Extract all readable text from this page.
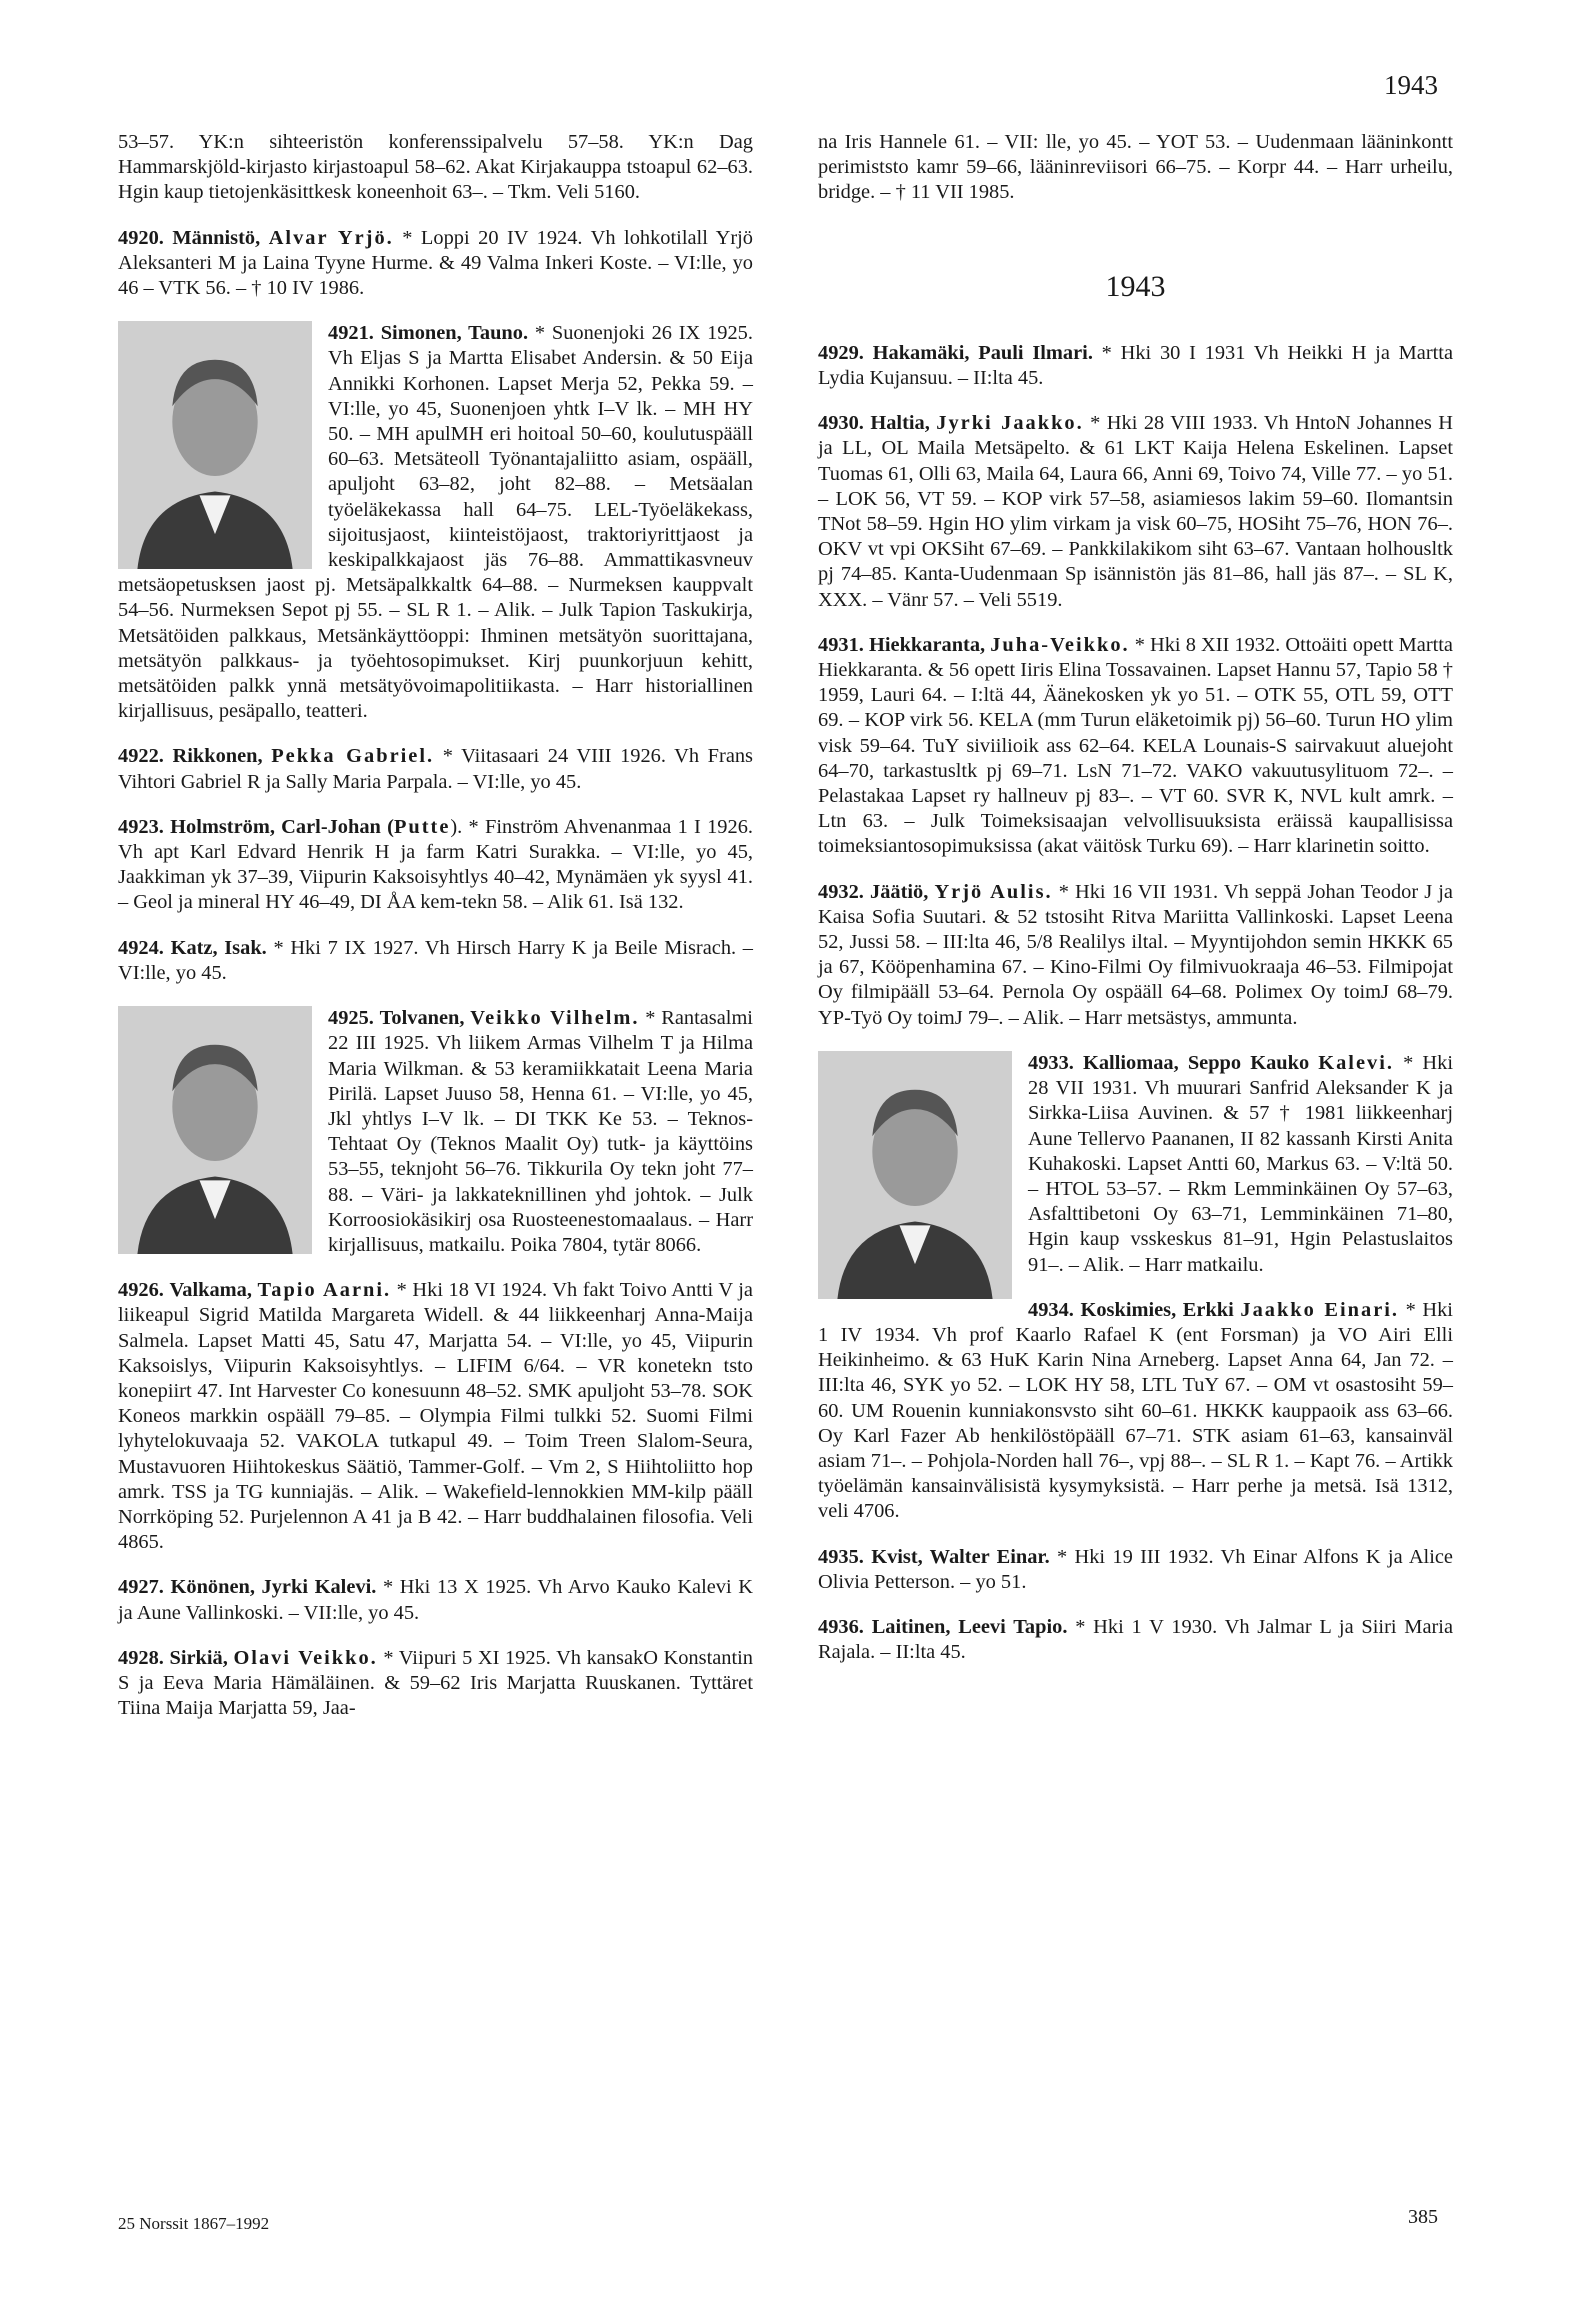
1943

53–57. YK:n sihteeristön konferenssipalvelu 57–58. YK:n Dag Hammarskjöld-kirjasto kirjastoapul 58–62. Akat Kirjakauppa tstoapul 62–63. Hgin kaup tietojenkäsittkesk koneenhoit 63–. – Tkm. Veli 5160.

4920. Männistö, Alvar Yrjö. * Loppi 20 IV 1924. Vh lohkotilall Yrjö Aleksanteri M ja Laina Tyyne Hurme. & 49 Valma Inkeri Koste. – VI:lle, yo 46 – VTK 56. – † 10 IV 1986.

4921. Simonen, Tauno. * Suonenjoki 26 IX 1925. Vh Eljas S ja Martta Elisabet Andersin. & 50 Eija Annikki Korhonen. Lapset Merja 52, Pekka 59. – VI:lle, yo 45, Suonenjoen yhtk I–V lk. – MH HY 50. – MH apulMH eri hoitoal 50–60, koulutuspääll 60–63. Metsäteoll Työnantajaliitto asiam, ospääll, apuljoht 63–82, joht 82–88. – Metsäalan työeläkekassa hall 64–75. LEL-Työeläkekass, sijoitusjaost, kiinteistöjaost, traktoriyrittjaost ja keskipalkkajaost jäs 76–88. Ammattikasvneuv metsäopetusksen jaost pj. Metsäpalkkaltk 64–88. – Nurmeksen kauppvalt 54–56. Nurmeksen Sepot pj 55. – SL R 1. – Alik. – Julk Tapion Taskukirja, Metsätöiden palkkaus, Metsänkäyttöoppi: Ihminen metsätyön suorittajana, metsätyön palkkaus- ja työehtosopimukset. Kirj puunkorjuun kehitt, metsätöiden palkk ynnä metsätyövoimapolitiikasta. – Harr historiallinen kirjallisuus, pesäpallo, teatteri.

4922. Rikkonen, Pekka Gabriel. * Viitasaari 24 VIII 1926. Vh Frans Vihtori Gabriel R ja Sally Maria Parpala. – VI:lle, yo 45.

4923. Holmström, Carl-Johan (Putte). * Finström Ahvenanmaa 1 I 1926. Vh apt Karl Edvard Henrik H ja farm Katri Surakka. – VI:lle, yo 45, Jaakkiman yk 37–39, Viipurin Kaksoisyhtlys 40–42, Mynämäen yk syysl 41. – Geol ja mineral HY 46–49, DI ÅA kem-tekn 58. – Alik 61. Isä 132.

4924. Katz, Isak. * Hki 7 IX 1927. Vh Hirsch Harry K ja Beile Misrach. – VI:lle, yo 45.

4925. Tolvanen, Veikko Vilhelm. * Rantasalmi 22 III 1925. Vh liikem Armas Vilhelm T ja Hilma Maria Wilkman. & 53 keramiikkatait Leena Maria Pirilä. Lapset Juuso 58, Henna 61. – VI:lle, yo 45, Jkl yhtlys I–V lk. – DI TKK Ke 53. – Teknos-Tehtaat Oy (Teknos Maalit Oy) tutk- ja käyttöins 53–55, teknjoht 56–76. Tikkurila Oy tekn joht 77–88. – Väri- ja lakkateknillinen yhd johtok. – Julk Korroosiokäsikirj osa Ruosteenestomaalaus. – Harr kirjallisuus, matkailu. Poika 7804, tytär 8066.

4926. Valkama, Tapio Aarni. * Hki 18 VI 1924. Vh fakt Toivo Antti V ja liikeapul Sigrid Matilda Margareta Widell. & 44 liikkeenharj Anna-Maija Salmela. Lapset Matti 45, Satu 47, Marjatta 54. – VI:lle, yo 45, Viipurin Kaksoislys, Viipurin Kaksoisyhtlys. – LIFIM 6/64. – VR konetekn tsto konepiirt 47. Int Harvester Co konesuunn 48–52. SMK apuljoht 53–78. SOK Koneos markkin ospääll 79–85. – Olympia Filmi tulkki 52. Suomi Filmi lyhytelokuvaaja 52. VAKOLA tutkapul 49. – Toim Treen Slalom-Seura, Mustavuoren Hiihtokeskus Säätiö, Tammer-Golf. – Vm 2, S Hiihtoliitto hop amrk. TSS ja TG kunniajäs. – Alik. – Wakefield-lennokkien MM-kilp pääll Norrköping 52. Purjelennon A 41 ja B 42. – Harr buddhalainen filosofia. Veli 4865.

4927. Könönen, Jyrki Kalevi. * Hki 13 X 1925. Vh Arvo Kauko Kalevi K ja Aune Vallinkoski. – VII:lle, yo 45.

4928. Sirkiä, Olavi Veikko. * Viipuri 5 XI 1925. Vh kansakO Konstantin S ja Eeva Maria Hämäläinen. & 59–62 Iris Marjatta Ruuskanen. Tyttäret Tiina Maija Marjatta 59, Jaa-

na Iris Hannele 61. – VII: lle, yo 45. – YOT 53. – Uudenmaan lääninkontt perimiststo kamr 59–66, lääninreviisori 66–75. – Korpr 44. – Harr urheilu, bridge. – † 11 VII 1985.

1943

4929. Hakamäki, Pauli Ilmari. * Hki 30 I 1931 Vh Heikki H ja Martta Lydia Kujansuu. – II:lta 45.

4930. Haltia, Jyrki Jaakko. * Hki 28 VIII 1933. Vh HntoN Johannes H ja LL, OL Maila Metsäpelto. & 61 LKT Kaija Helena Eskelinen. Lapset Tuomas 61, Olli 63, Maila 64, Laura 66, Anni 69, Toivo 74, Ville 77. – yo 51. – LOK 56, VT 59. – KOP virk 57–58, asiamiesos lakim 59–60. Ilomantsin TNot 58–59. Hgin HO ylim virkam ja visk 60–75, HOSiht 75–76, HON 76–. OKV vt vpi OKSiht 67–69. – Pankkilakikom siht 63–67. Vantaan holhousltk pj 74–85. Kanta-Uudenmaan Sp isännistön jäs 81–86, hall jäs 87–. – SL K, XXX. – Vänr 57. – Veli 5519.

4931. Hiekkaranta, Juha-Veikko. * Hki 8 XII 1932. Ottoäiti opett Martta Hiekkaranta. & 56 opett Iiris Elina Tossavainen. Lapset Hannu 57, Tapio 58 † 1959, Lauri 64. – I:ltä 44, Äänekosken yk yo 51. – OTK 55, OTL 59, OTT 69. – KOP virk 56. KELA (mm Turun eläketoimik pj) 56–60. Turun HO ylim visk 59–64. TuY siviilioik ass 62–64. KELA Lounais-S sairvakuut aluejoht 64–70, tarkastusltk pj 69–71. LsN 71–72. VAKO vakuutusylituom 72–. – Pelastakaa Lapset ry hallneuv pj 83–. – VT 60. SVR K, NVL kult amrk. – Ltn 63. – Julk Toimeksisaajan velvollisuuksista eräissä kaupallisissa toimeksiantosopimuksissa (akat väitösk Turku 69). – Harr klarinetin soitto.

4932. Jäätiö, Yrjö Aulis. * Hki 16 VII 1931. Vh seppä Johan Teodor J ja Kaisa Sofia Suutari. & 52 tstosiht Ritva Mariitta Vallinkoski. Lapset Leena 52, Jussi 58. – III:lta 46, 5/8 Realilys iltal. – Myyntijohdon semin HKKK 65 ja 67, Kööpenhamina 67. – Kino-Filmi Oy filmivuokraaja 46–53. Filmipojat Oy filmipääll 53–64. Pernola Oy ospääll 64–68. Polimex Oy toimJ 68–79. YP-Työ Oy toimJ 79–. – Alik. – Harr metsästys, ammunta.

4933. Kalliomaa, Seppo Kauko Kalevi. * Hki 28 VII 1931. Vh muurari Sanfrid Aleksander K ja Sirkka-Liisa Auvinen. & 57 † 1981 liikkeenharj Aune Tellervo Paananen, II 82 kassanh Kirsti Anita Kuhakoski. Lapset Antti 60, Markus 63. – V:ltä 50. – HTOL 53–57. – Rkm Lemminkäinen Oy 57–63, Asfalttibetoni Oy 63–71, Lemminkäinen 71–80, Hgin kaup vsskeskus 81–91, Hgin Pelastuslaitos 91–. – Alik. – Harr matkailu.

4934. Koskimies, Erkki Jaakko Einari. * Hki 1 IV 1934. Vh prof Kaarlo Rafael K (ent Forsman) ja VO Airi Elli Heikinheimo. & 63 HuK Karin Nina Arneberg. Lapset Anna 64, Jan 72. – III:lta 46, SYK yo 52. – LOK HY 58, LTL TuY 67. – OM vt osastosiht 59–60. UM Rouenin kunniakonsvsto siht 60–61. HKKK kauppaoik ass 63–66. Oy Karl Fazer Ab henkilöstöpääll 67–71. STK asiam 61–63, kansainväl asiam 71–. – Pohjola-Norden hall 76–, vpj 88–. – SL R 1. – Kapt 76. – Artikk työelämän kansainvälisistä kysymyksistä. – Harr perhe ja metsä. Isä 1312, veli 4706.

4935. Kvist, Walter Einar. * Hki 19 III 1932. Vh Einar Alfons K ja Alice Olivia Petterson. – yo 51.

4936. Laitinen, Leevi Tapio. * Hki 1 V 1930. Vh Jalmar L ja Siiri Maria Rajala. – II:lta 45.

25 Norssit 1867–1992	385
